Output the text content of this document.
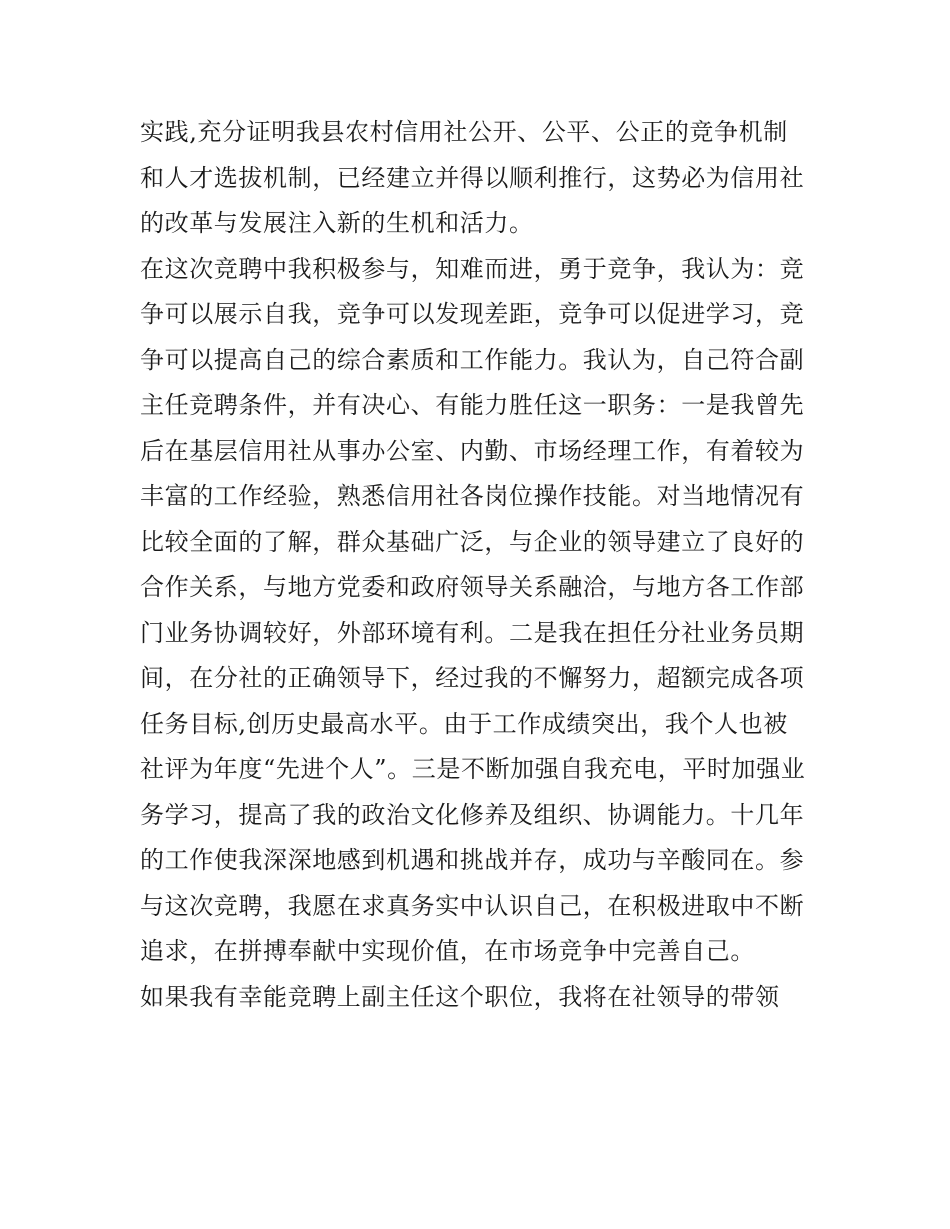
实践,充分证明我县农村信用社公开、公平、公正的竞争机制
和人才选拔机制，已经建立并得以顺利推行，这势必为信用社
的改革与发展注入新的生机和活力。
在这次竞聘中我积极参与，知难而进，勇于竞争，我认为：竞
争可以展示自我，竞争可以发现差距，竞争可以促进学习，竞
争可以提高自己的综合素质和工作能力。我认为，自己符合副
主任竞聘条件，并有决心、有能力胜任这一职务：一是我曾先
后在基层信用社从事办公室、内勤、市场经理工作，有着较为
丰富的工作经验，熟悉信用社各岗位操作技能。对当地情况有
比较全面的了解，群众基础广泛，与企业的领导建立了良好的
合作关系，与地方党委和政府领导关系融洽，与地方各工作部
门业务协调较好，外部环境有利。二是我在担任分社业务员期
间，在分社的正确领导下，经过我的不懈努力，超额完成各项
任务目标,创历史最高水平。由于工作成绩突出，我个人也被
社评为年度“先进个人”。三是不断加强自我充电，平时加强业
务学习，提高了我的政治文化修养及组织、协调能力。十几年
的工作使我深深地感到机遇和挑战并存，成功与辛酸同在。参
与这次竞聘，我愿在求真务实中认识自己，在积极进取中不断
追求，在拼搏奉献中实现价值，在市场竞争中完善自己。
如果我有幸能竞聘上副主任这个职位，我将在社领导的带领
